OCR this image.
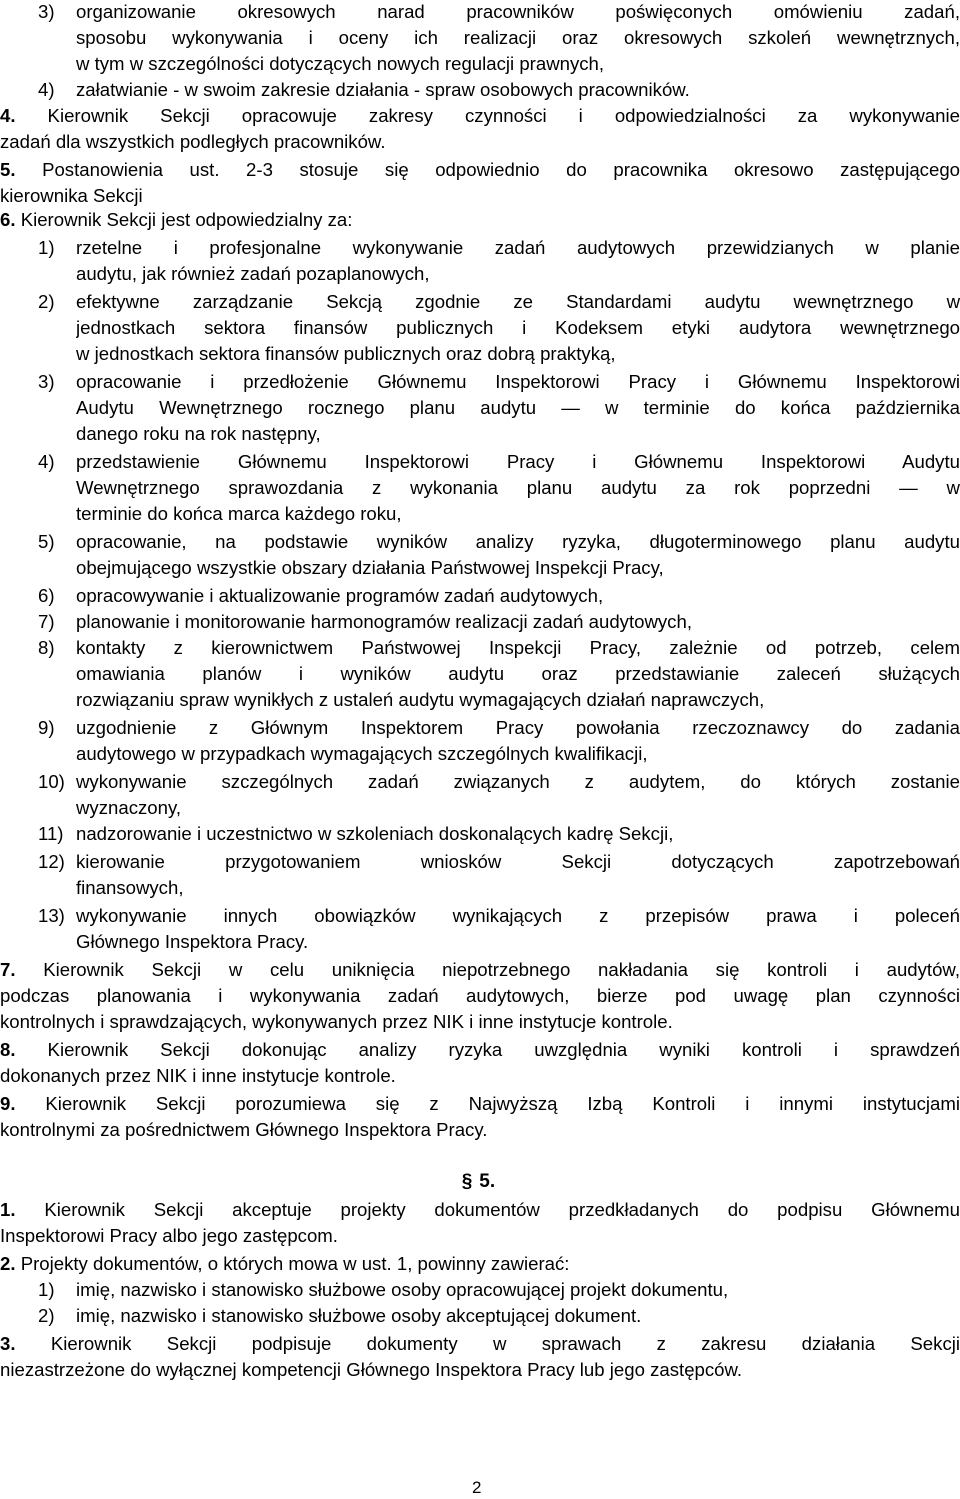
3)	organizowanie okresowych narad pracowników poświęconych omówieniu zadań,
sposobu wykonywania i oceny ich realizacji oraz okresowych szkoleń wewnętrznych,
w tym w szczególności dotyczących nowych regulacji prawnych,
4)	załatwianie - w swoim zakresie działania - spraw osobowych pracowników.
4. Kierownik Sekcji opracowuje zakresy czynności i odpowiedzialności za wykonywanie
zadań dla wszystkich podległych pracowników.
5. Postanowienia ust. 2-3 stosuje się odpowiednio do pracownika okresowo zastępującego
kierownika Sekcji
6. Kierownik Sekcji jest odpowiedzialny za:
1)	rzetelne i profesjonalne wykonywanie zadań audytowych przewidzianych w planie
audytu, jak również zadań pozaplanowych,
2)	efektywne zarządzanie Sekcją zgodnie ze Standardami audytu wewnętrznego w
jednostkach sektora finansów publicznych i Kodeksem etyki audytora wewnętrznego
w jednostkach sektora finansów publicznych oraz dobrą praktyką,
3)	opracowanie i przedłożenie Głównemu Inspektorowi Pracy i Głównemu Inspektorowi
Audytu Wewnętrznego rocznego planu audytu — w terminie do końca października
danego roku na rok następny,
4)	przedstawienie Głównemu Inspektorowi Pracy i Głównemu Inspektorowi Audytu
Wewnętrznego sprawozdania z wykonania planu audytu za rok poprzedni — w
terminie do końca marca każdego roku,
5)	opracowanie, na podstawie wyników analizy ryzyka, długoterminowego planu audytu
obejmującego wszystkie obszary działania Państwowej Inspekcji Pracy,
6)	opracowywanie i aktualizowanie programów zadań audytowych,
7)	planowanie i monitorowanie harmonogramów realizacji zadań audytowych,
8)	kontakty z kierownictwem Państwowej Inspekcji Pracy, zależnie od potrzeb, celem
omawiania planów i wyników audytu oraz przedstawianie zaleceń służących
rozwiązaniu spraw wynikłych z ustaleń audytu wymagających działań naprawczych,
9)	uzgodnienie z Głównym Inspektorem Pracy powołania rzeczoznawcy do zadania
audytowego w przypadkach wymagających szczególnych kwalifikacji,
10) wykonywanie szczególnych zadań związanych z audytem, do których zostanie
wyznaczony,
11) nadzorowanie i uczestnictwo w szkoleniach doskonalących kadrę Sekcji,
12) kierowanie przygotowaniem wniosków Sekcji dotyczących zapotrzebowań
finansowych,
13) wykonywanie innych obowiązków wynikających z przepisów prawa i poleceń
Głównego Inspektora Pracy.
7. Kierownik Sekcji w celu uniknięcia niepotrzebnego nakładania się kontroli i audytów,
podczas planowania i wykonywania zadań audytowych, bierze pod uwagę plan czynności
kontrolnych i sprawdzających, wykonywanych przez NIK i inne instytucje kontrole.
8. Kierownik Sekcji dokonując analizy ryzyka uwzględnia wyniki kontroli i sprawdzeń
dokonanych przez NIK i inne instytucje kontrole.
9. Kierownik Sekcji porozumiewa się z Najwyższą Izbą Kontroli i innymi instytucjami
kontrolnymi za pośrednictwem Głównego Inspektora Pracy.
§ 5.
1. Kierownik Sekcji akceptuje projekty dokumentów przedkładanych do podpisu Głównemu
Inspektorowi Pracy albo jego zastępcom.
2. Projekty dokumentów, o których mowa w ust. 1, powinny zawierać:
1)	imię, nazwisko i stanowisko służbowe osoby opracowującej projekt dokumentu,
2)	imię, nazwisko i stanowisko służbowe osoby akceptującej dokument.
3. Kierownik Sekcji podpisuje dokumenty w sprawach z zakresu działania Sekcji
niezastrzeżone do wyłącznej kompetencji Głównego Inspektora Pracy lub jego zastępców.
2
